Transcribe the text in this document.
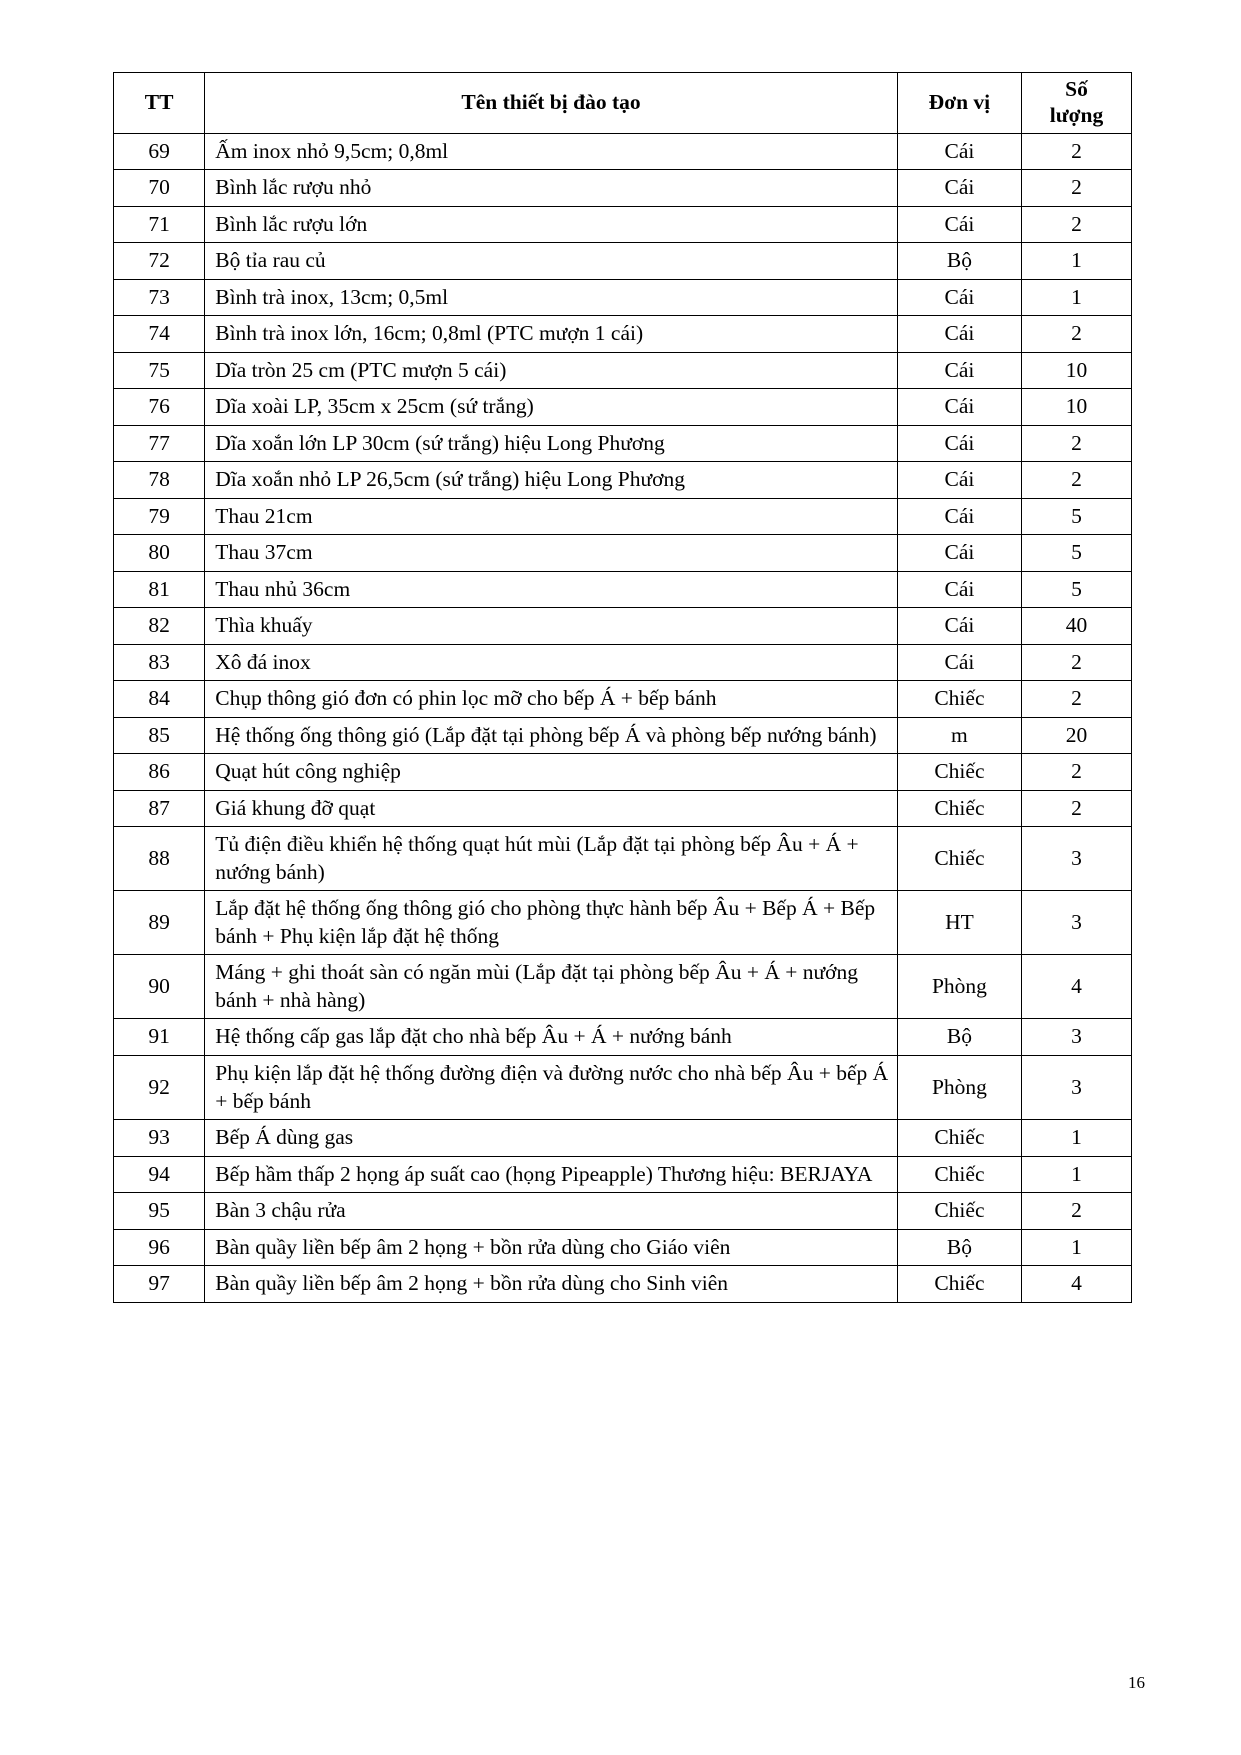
TT	Tên thiết bị đào tạo	Đơn vị	Số
lượng

69	Ấm inox nhỏ 9,5cm; 0,8ml	Cái	2
70	Bình lắc rượu nhỏ	Cái	2
71	Bình lắc rượu lớn	Cái	2
72	Bộ tỉa rau củ	Bộ	1
73	Bình trà inox, 13cm; 0,5ml	Cái	1
74	Bình trà inox lớn, 16cm; 0,8ml (PTC mượn 1 cái)	Cái	2
75	Dĩa tròn 25 cm (PTC mượn 5 cái)	Cái	10
76	Dĩa xoài LP, 35cm x 25cm (sứ trắng)	Cái	10
77	Dĩa xoắn lớn LP 30cm (sứ trắng) hiệu Long Phương	Cái	2
78	Dĩa xoắn nhỏ LP 26,5cm (sứ trắng) hiệu Long Phương	Cái	2
79	Thau 21cm	Cái	5
80	Thau 37cm	Cái	5
81	Thau nhủ 36cm	Cái	5
82	Thìa khuấy	Cái	40
83	Xô đá inox	Cái	2
84	Chụp thông gió đơn có phin lọc mỡ cho bếp Á + bếp bánh	Chiếc	2
85	Hệ thống ống thông gió (Lắp đặt tại phòng bếp Á và phòng bếp nướng bánh)	m	20
86	Quạt hút công nghiệp	Chiếc	2
87	Giá khung đỡ quạt	Chiếc	2
88	Tủ điện điều khiển hệ thống quạt hút mùi (Lắp đặt tại phòng bếp Âu + Á + nướng bánh)	Chiếc	3
89	Lắp đặt hệ thống ống thông gió cho phòng thực hành bếp Âu + Bếp Á + Bếp bánh + Phụ kiện lắp đặt hệ thống	HT	3
90	Máng + ghi thoát sàn có ngăn mùi (Lắp đặt tại phòng bếp Âu + Á + nướng bánh + nhà hàng)	Phòng	4
91	Hệ thống cấp gas lắp đặt cho nhà bếp Âu + Á + nướng bánh	Bộ	3
92	Phụ kiện lắp đặt hệ thống đường điện và đường nước cho nhà bếp Âu + bếp Á + bếp bánh	Phòng	3
93	Bếp Á dùng gas	Chiếc	1
94	Bếp hầm thấp 2 họng áp suất cao (họng Pipeapple) Thương hiệu: BERJAYA	Chiếc	1
95	Bàn 3 chậu rửa	Chiếc	2
96	Bàn quầy liền bếp âm 2 họng + bồn rửa dùng cho Giáo viên	Bộ	1
97	Bàn quầy liền bếp âm 2 họng + bồn rửa dùng cho Sinh viên	Chiếc	4
16
